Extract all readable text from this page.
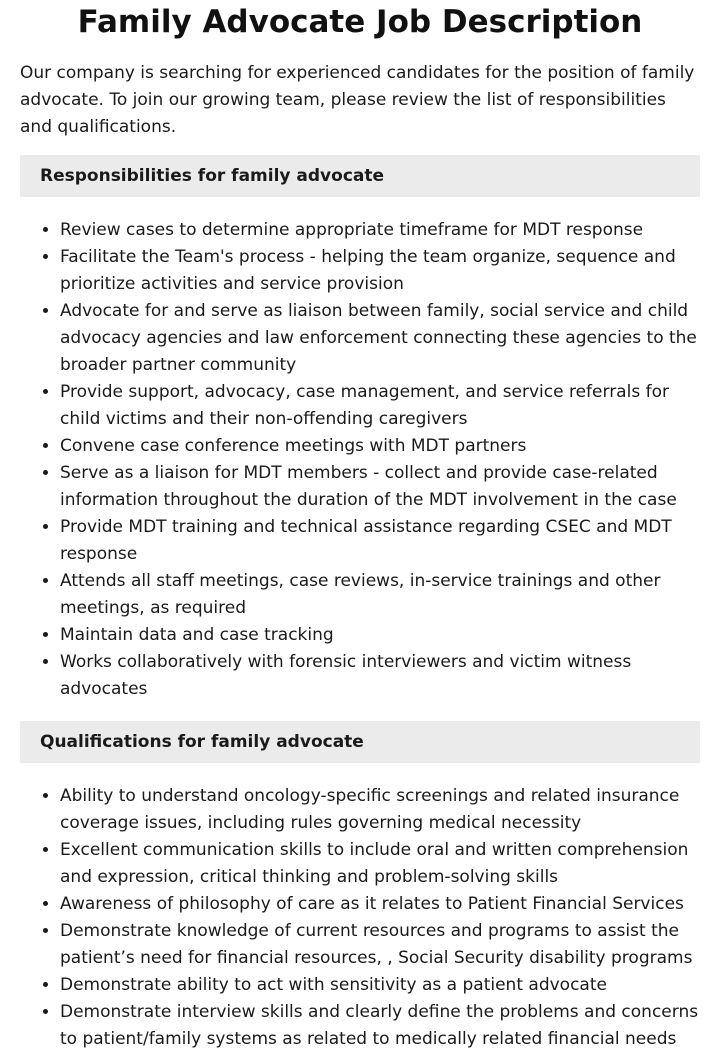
Family Advocate Job Description

Our company is searching for experienced candidates for the position of family advocate. To join our growing team, please review the list of responsibilities and qualifications.

Responsibilities for family advocate
• Review cases to determine appropriate timeframe for MDT response
• Facilitate the Team's process - helping the team organize, sequence and prioritize activities and service provision
• Advocate for and serve as liaison between family, social service and child advocacy agencies and law enforcement connecting these agencies to the broader partner community
• Provide support, advocacy, case management, and service referrals for child victims and their non-offending caregivers
• Convene case conference meetings with MDT partners
• Serve as a liaison for MDT members - collect and provide case-related information throughout the duration of the MDT involvement in the case
• Provide MDT training and technical assistance regarding CSEC and MDT response
• Attends all staff meetings, case reviews, in-service trainings and other meetings, as required
• Maintain data and case tracking
• Works collaboratively with forensic interviewers and victim witness advocates
Qualifications for family advocate
• Ability to understand oncology-specific screenings and related insurance coverage issues, including rules governing medical necessity
• Excellent communication skills to include oral and written comprehension and expression, critical thinking and problem-solving skills
• Awareness of philosophy of care as it relates to Patient Financial Services
• Demonstrate knowledge of current resources and programs to assist the patient’s need for financial resources, , Social Security disability programs
• Demonstrate ability to act with sensitivity as a patient advocate
• Demonstrate interview skills and clearly define the problems and concerns to patient/family systems as related to medically related financial needs
